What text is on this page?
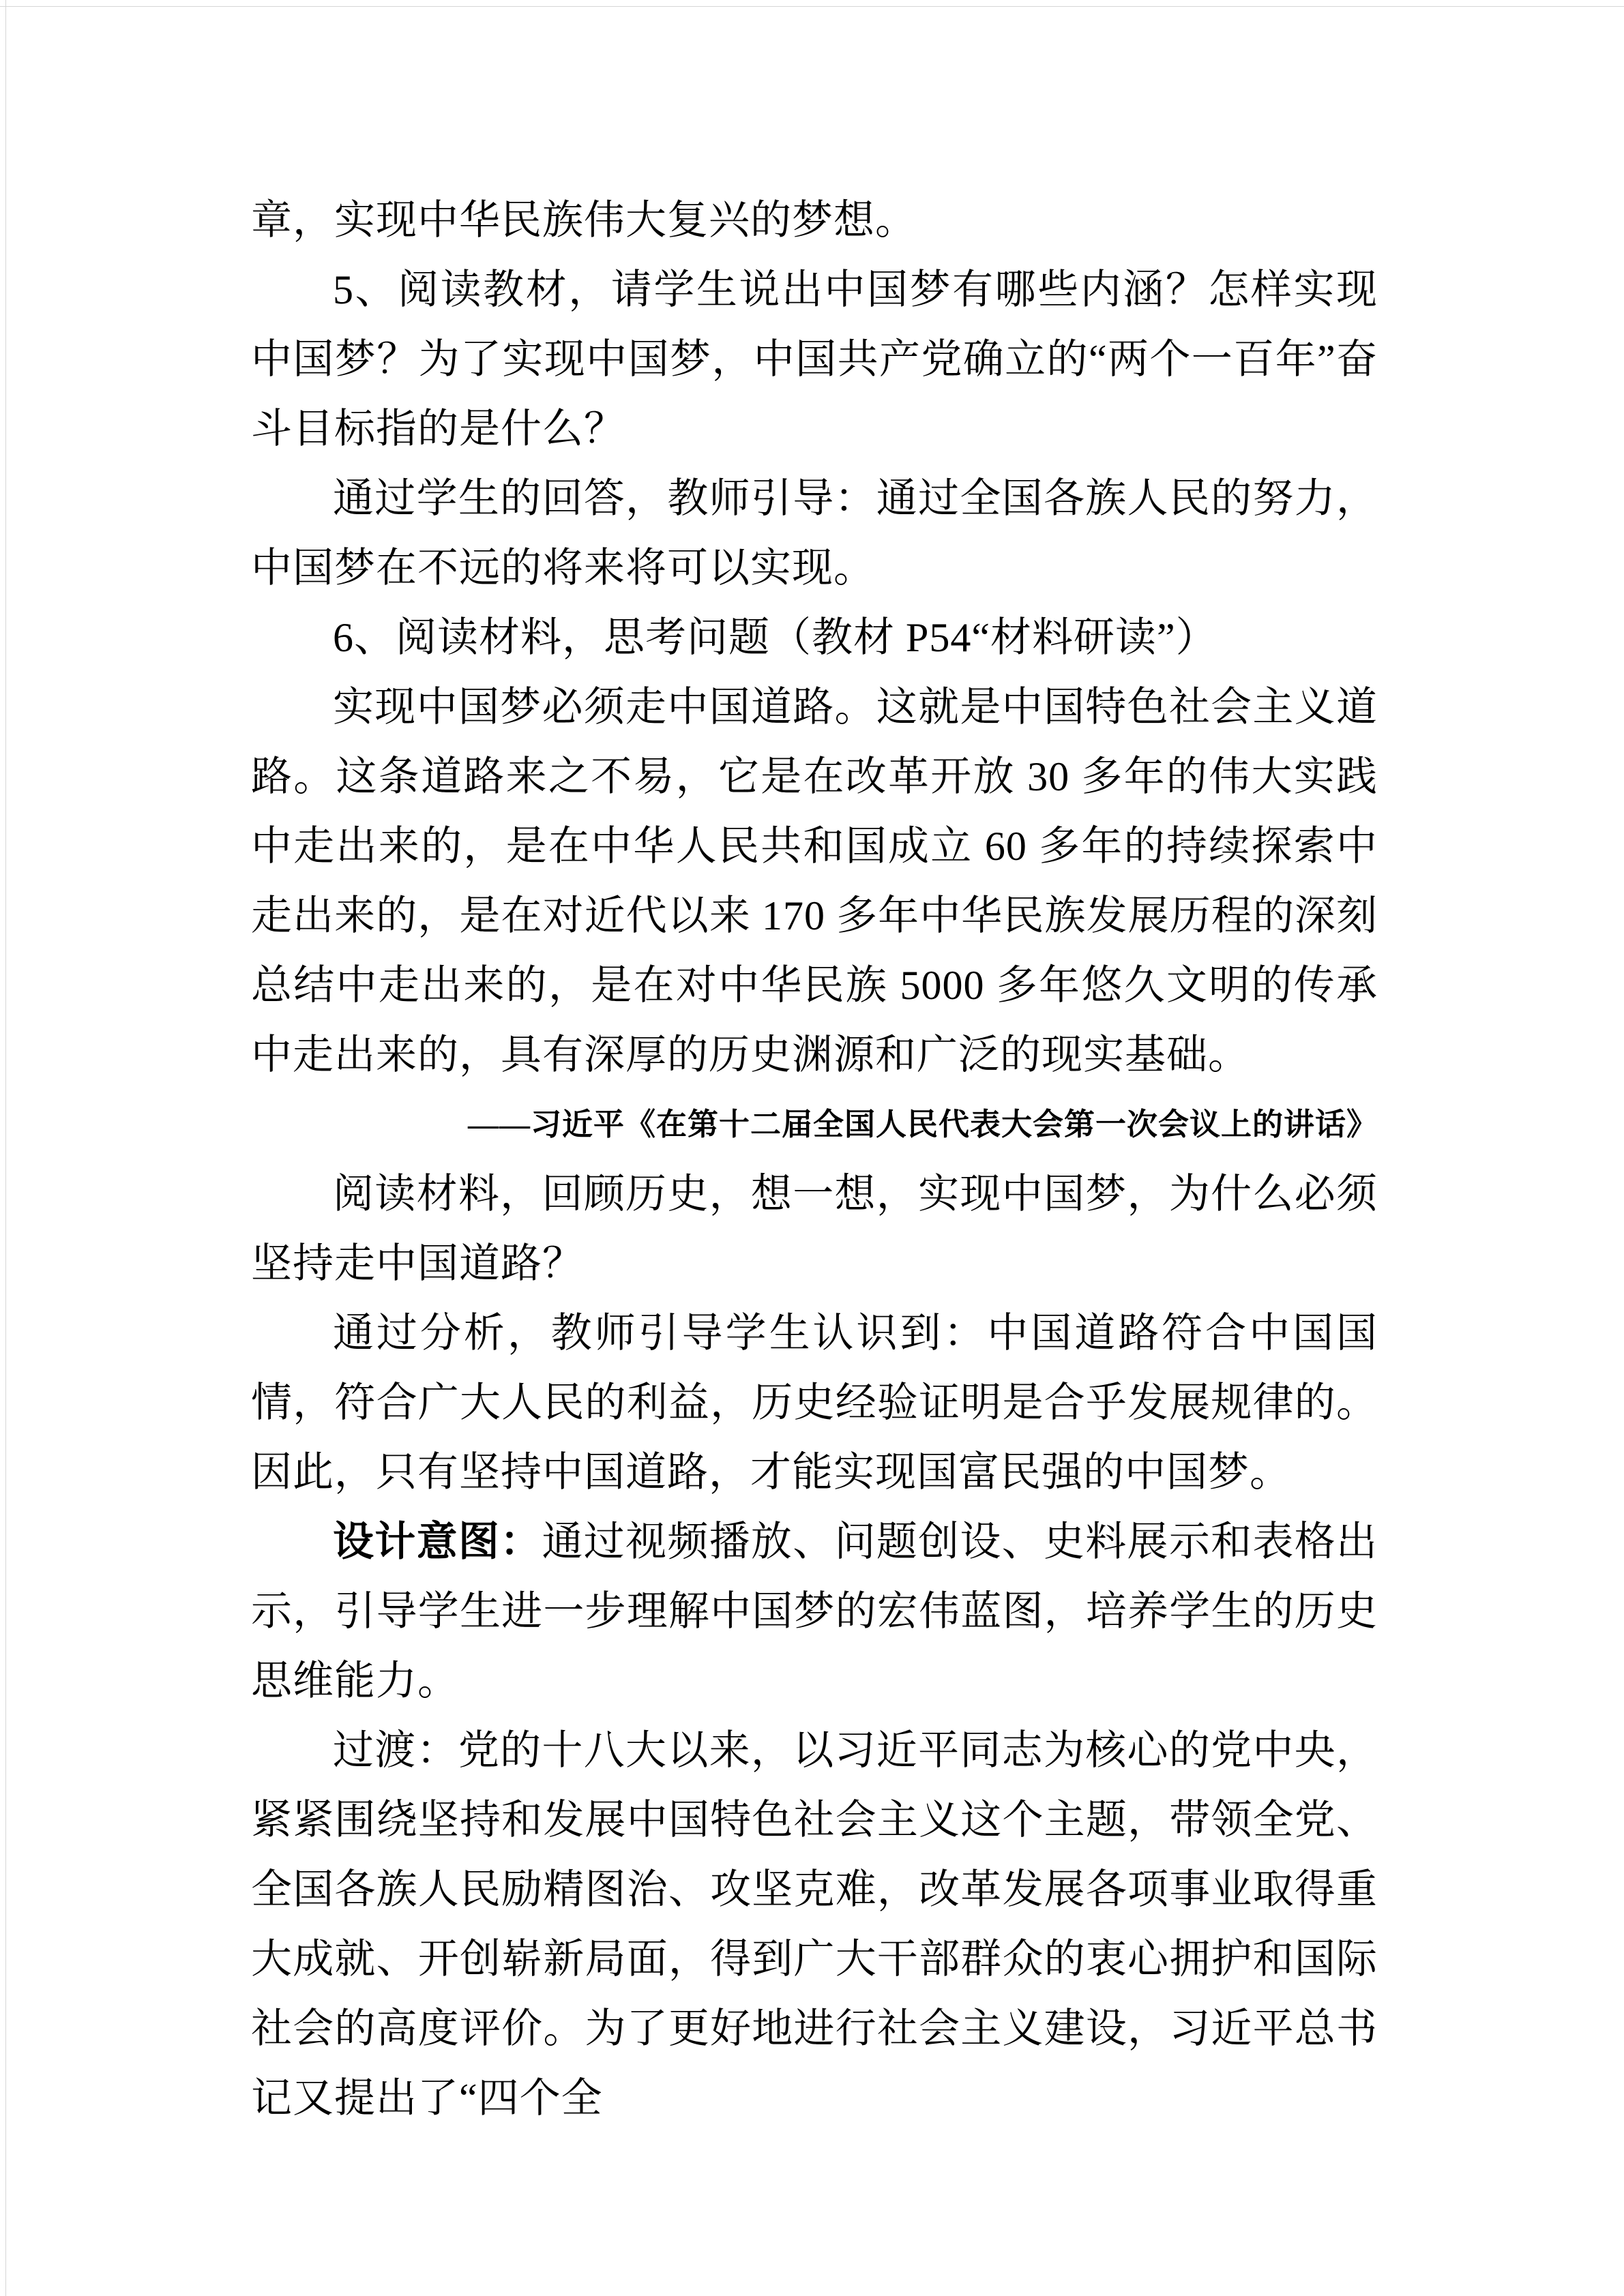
章，实现中华民族伟大复兴的梦想。

5、阅读教材，请学生说出中国梦有哪些内涵？怎样实现中国梦？为了实现中国梦，中国共产党确立的“两个一百年”奋斗目标指的是什么？

通过学生的回答，教师引导：通过全国各族人民的努力，中国梦在不远的将来将可以实现。

6、阅读材料，思考问题（教材 P54“材料研读”）

实现中国梦必须走中国道路。这就是中国特色社会主义道路。这条道路来之不易，它是在改革开放 30 多年的伟大实践中走出来的，是在中华人民共和国成立 60 多年的持续探索中走出来的，是在对近代以来 170 多年中华民族发展历程的深刻总结中走出来的，是在对中华民族 5000 多年悠久文明的传承中走出来的，具有深厚的历史渊源和广泛的现实基础。

——习近平《在第十二届全国人民代表大会第一次会议上的讲话》

阅读材料，回顾历史，想一想，实现中国梦，为什么必须坚持走中国道路？

通过分析，教师引导学生认识到：中国道路符合中国国情，符合广大人民的利益，历史经验证明是合乎发展规律的。因此，只有坚持中国道路，才能实现国富民强的中国梦。

设计意图：通过视频播放、问题创设、史料展示和表格出示，引导学生进一步理解中国梦的宏伟蓝图，培养学生的历史思维能力。

过渡：党的十八大以来，以习近平同志为核心的党中央，紧紧围绕坚持和发展中国特色社会主义这个主题，带领全党、全国各族人民励精图治、攻坚克难，改革发展各项事业取得重大成就、开创崭新局面，得到广大干部群众的衷心拥护和国际社会的高度评价。为了更好地进行社会主义建设，习近平总书记又提出了“四个全
